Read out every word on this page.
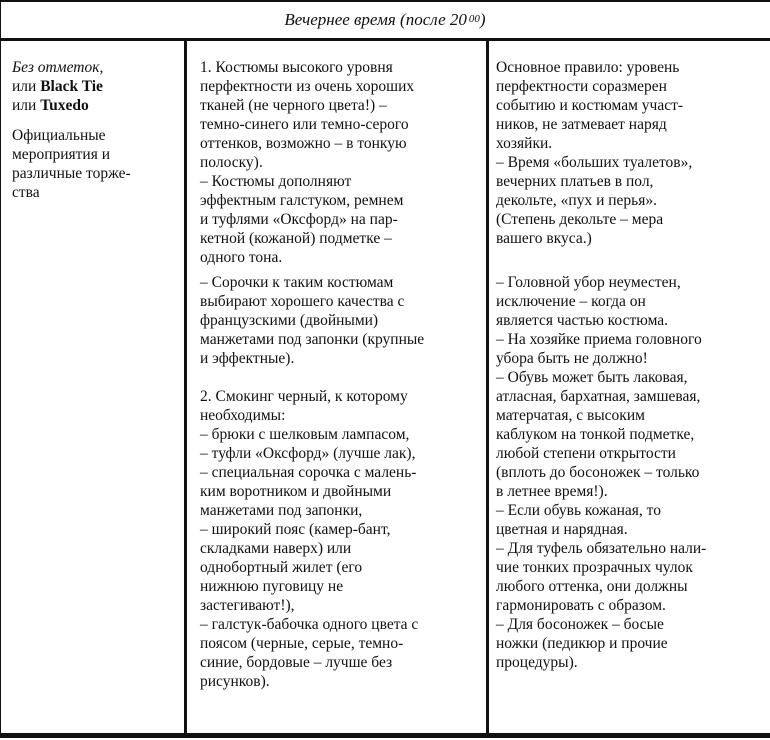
Вечернее время (после 20 $^{00}$)
Без отметок,
или Black Tie
или Tuxedo
Официальные
мероприятия и
различные торже-
ства
1. Костюмы высокого уровня
перфектности из очень хороших
тканей (не черного цвета!) –
темно-синего или темно-серого
оттенков, возможно – в тонкую
полоску).
– Костюмы дополняют
эффектным галстуком, ремнем
и туфлями «Оксфорд» на пар-
кетной (кожаной) подметке –
одного тона.
– Сорочки к таким костюмам
выбирают хорошего качества с
французскими (двойными)
манжетами под запонки (крупные
и эффектные).
2. Смокинг черный, к которому
необходимы:
– брюки с шелковым лампасом,
– туфли «Оксфорд» (лучше лак),
– специальная сорочка с малень-
ким воротником и двойными
манжетами под запонки,
– широкий пояс (камер-бант,
складками наверх) или
однобортный жилет (его
нижнюю пуговицу не
застегивают!),
– галстук-бабочка одного цвета с
поясом (черные, серые, темно-
синие, бордовые – лучше без
рисунков).
Основное правило: уровень
перфектности соразмерен
событию и костюмам участ-
ников, не затмевает наряд
хозяйки.
– Время «больших туалетов»,
вечерних платьев в пол,
декольте, «пух и перья».
(Степень декольте – мера
вашего вкуса.)
– Головной убор неуместен,
исключение – когда он
является частью костюма.
– На хозяйке приема головного
убора быть не должно!
– Обувь может быть лаковая,
атласная, бархатная, замшевая,
матерчатая, с высоким
каблуком на тонкой подметке,
любой степени открытости
(вплоть до босоножек – только
в летнее время!).
– Если обувь кожаная, то
цветная и нарядная.
– Для туфель обязательно нали-
чие тонких прозрачных чулок
любого оттенка, они должны
гармонировать с образом.
– Для босоножек – босые
ножки (педикюр и прочие
процедуры).
